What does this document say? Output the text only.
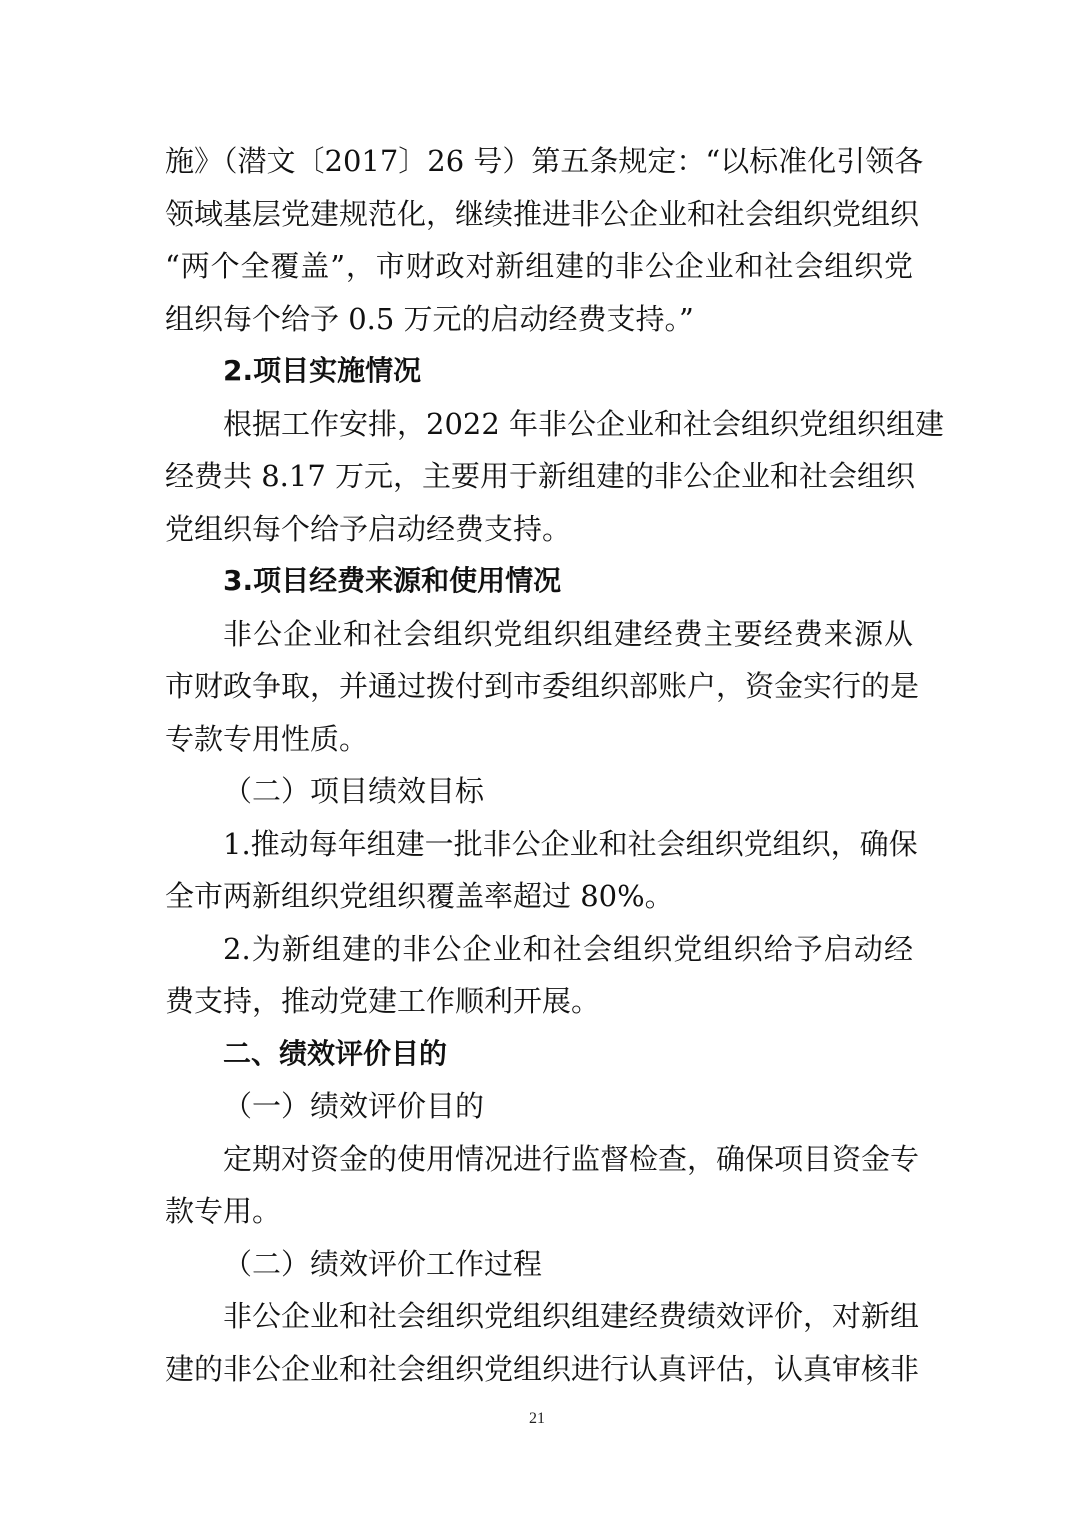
施》（潜文〔2017〕26 号）第五条规定：“以标准化引领各
领域基层党建规范化，继续推进非公企业和社会组织党组织
“两个全覆盖”，市财政对新组建的非公企业和社会组织党
组织每个给予 0.5 万元的启动经费支持。”
2.项目实施情况
根据工作安排，2022 年非公企业和社会组织党组织组建
经费共 8.17 万元，主要用于新组建的非公企业和社会组织
党组织每个给予启动经费支持。
3.项目经费来源和使用情况
非公企业和社会组织党组织组建经费主要经费来源从
市财政争取，并通过拨付到市委组织部账户，资金实行的是
专款专用性质。
（二）项目绩效目标
1.推动每年组建一批非公企业和社会组织党组织，确保
全市两新组织党组织覆盖率超过 80%。
2.为新组建的非公企业和社会组织党组织给予启动经
费支持，推动党建工作顺利开展。
二、绩效评价目的
（一）绩效评价目的
定期对资金的使用情况进行监督检查，确保项目资金专
款专用。
（二）绩效评价工作过程
非公企业和社会组织党组织组建经费绩效评价，对新组
建的非公企业和社会组织党组织进行认真评估，认真审核非
21
